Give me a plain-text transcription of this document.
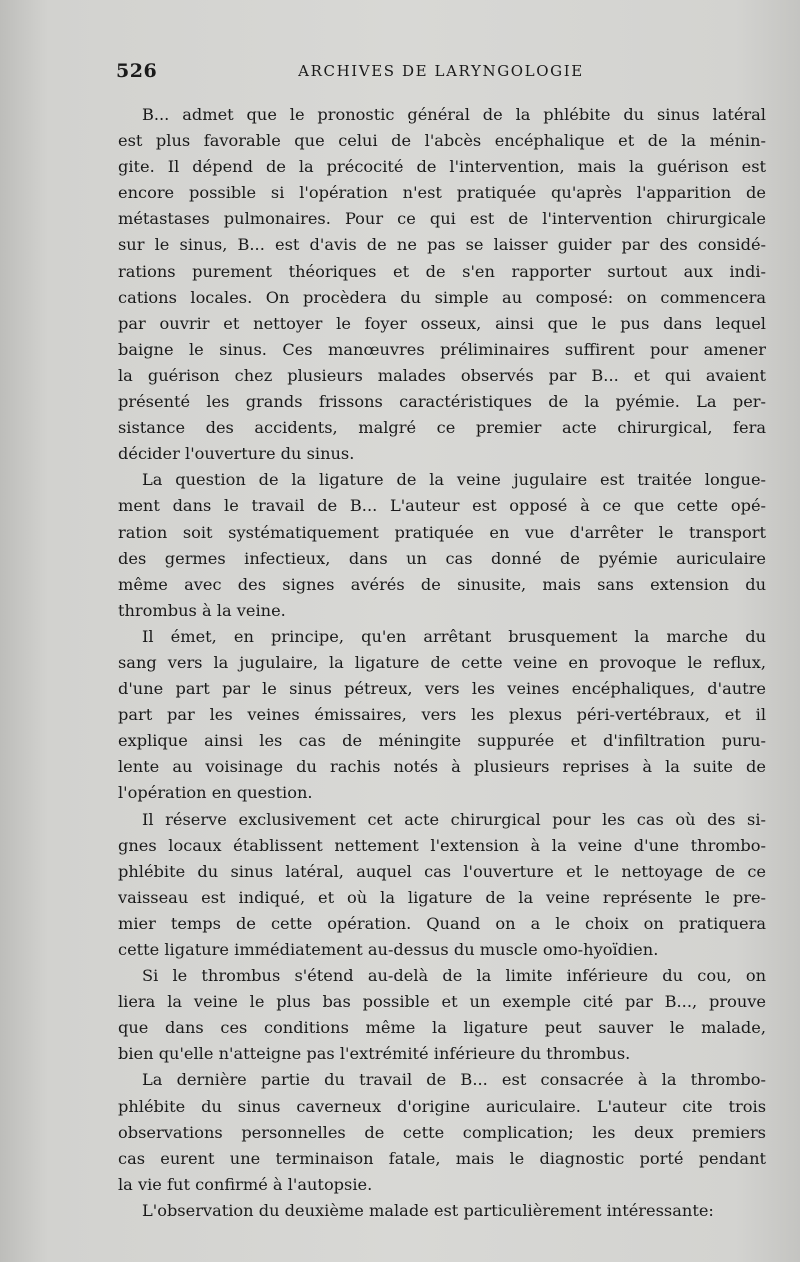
526	ARCHIVES DE LARYNGOLOGIE
B... admet que le pronostic général de la phlébite du sinus latéral
est plus favorable que celui de l'abcès encéphalique et de la ménin-
gite. Il dépend de la précocité de l'intervention, mais la guérison est
encore possible si l'opération n'est pratiquée qu'après l'apparition de
métastases pulmonaires. Pour ce qui est de l'intervention chirurgicale
sur le sinus, B... est d'avis de ne pas se laisser guider par des considé-
rations purement théoriques et de s'en rapporter surtout aux indi-
cations locales. On procèdera du simple au composé: on commencera
par ouvrir et nettoyer le foyer osseux, ainsi que le pus dans lequel
baigne le sinus. Ces manœuvres préliminaires suffirent pour amener
la guérison chez plusieurs malades observés par B... et qui avaient
présenté les grands frissons caractéristiques de la pyémie. La per-
sistance des accidents, malgré ce premier acte chirurgical, fera
décider l'ouverture du sinus.
La question de la ligature de la veine jugulaire est traitée longue-
ment dans le travail de B... L'auteur est opposé à ce que cette opé-
ration soit systématiquement pratiquée en vue d'arrêter le transport
des germes infectieux, dans un cas donné de pyémie auriculaire
même avec des signes avérés de sinusite, mais sans extension du
thrombus à la veine.
Il émet, en principe, qu'en arrêtant brusquement la marche du
sang vers la jugulaire, la ligature de cette veine en provoque le reflux,
d'une part par le sinus pétreux, vers les veines encéphaliques, d'autre
part par les veines émissaires, vers les plexus péri-vertébraux, et il
explique ainsi les cas de méningite suppurée et d'infiltration puru-
lente au voisinage du rachis notés à plusieurs reprises à la suite de
l'opération en question.
Il réserve exclusivement cet acte chirurgical pour les cas où des si-
gnes locaux établissent nettement l'extension à la veine d'une thrombo-
phlébite du sinus latéral, auquel cas l'ouverture et le nettoyage de ce
vaisseau est indiqué, et où la ligature de la veine représente le pre-
mier temps de cette opération. Quand on a le choix on pratiquera
cette ligature immédiatement au-dessus du muscle omo-hyoïdien.
Si le thrombus s'étend au-delà de la limite inférieure du cou, on
liera la veine le plus bas possible et un exemple cité par B..., prouve
que dans ces conditions même la ligature peut sauver le malade,
bien qu'elle n'atteigne pas l'extrémité inférieure du thrombus.
La dernière partie du travail de B... est consacrée à la thrombo-
phlébite du sinus caverneux d'origine auriculaire. L'auteur cite trois
observations personnelles de cette complication; les deux premiers
cas eurent une terminaison fatale, mais le diagnostic porté pendant
la vie fut confirmé à l'autopsie.
L'observation du deuxième malade est particulièrement intéressante:
